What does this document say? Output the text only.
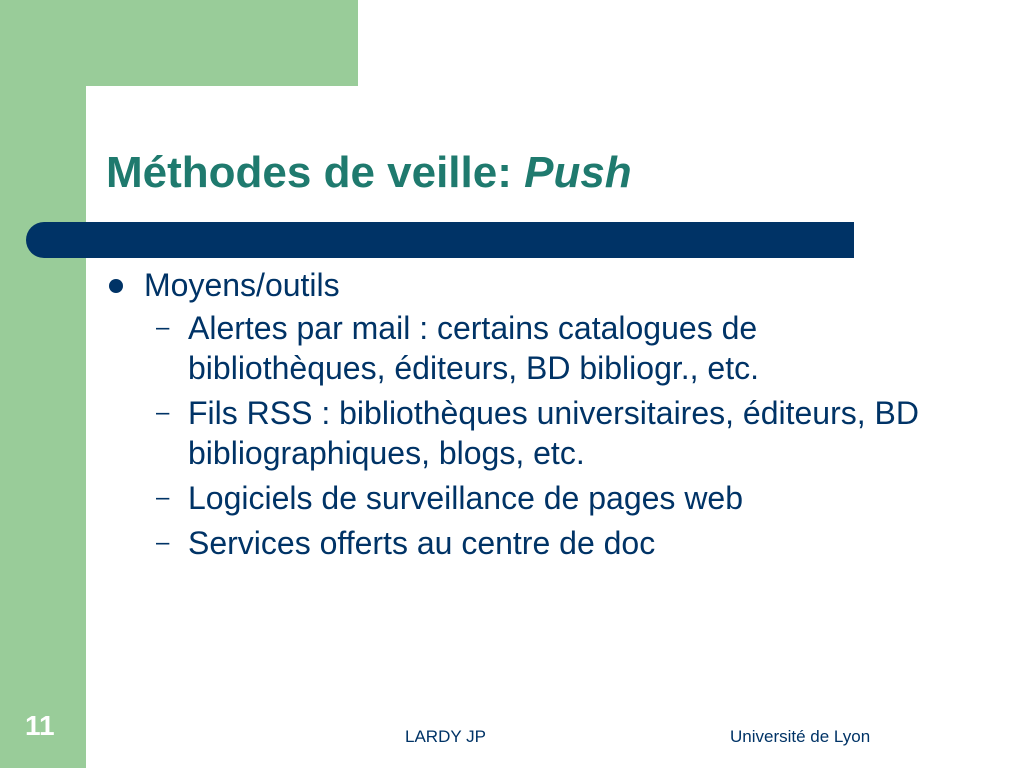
Méthodes de veille: Push
Moyens/outils
– Alertes par mail : certains catalogues de bibliothèques, éditeurs, BD bibliogr., etc.
– Fils RSS : bibliothèques universitaires, éditeurs, BD bibliographiques, blogs, etc.
– Logiciels de surveillance de pages web
– Services offerts au centre de doc
11	LARDY JP	Université de Lyon
